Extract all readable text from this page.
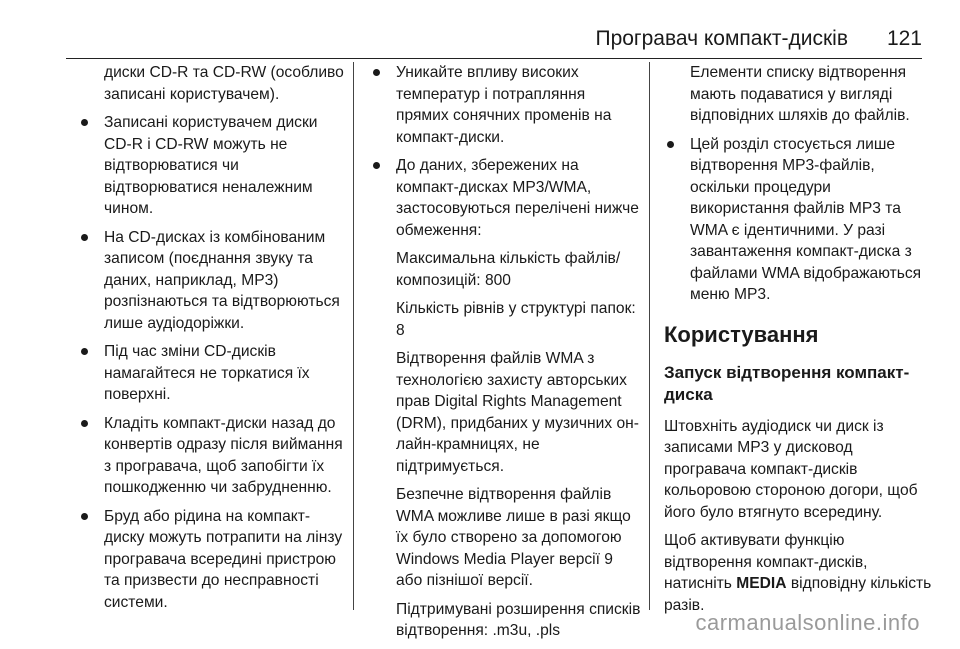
Програвач компакт-дисків 121

диски CD-R та CD-RW (особливо записані користувачем).

Записані користувачем диски CD-R і CD-RW можуть не відтворюватися чи відтворюватися неналежним чином.
На CD-дисках із комбінованим записом (поєднання звуку та даних, наприклад, MP3) розпізнаються та відтворюються лише аудіодоріжки.
Під час зміни CD-дисків намагайтеся не торкатися їх поверхні.
Кладіть компакт-диски назад до конвертів одразу після виймання з програвача, щоб запобігти їх пошкодженню чи забрудненню.
Бруд або рідина на компакт-диску можуть потрапити на лінзу програвача всередині пристрою та призвести до несправності системи.
Уникайте впливу високих температур і потрапляння прямих сонячних променів на компакт-диски.
До даних, збережених на компакт-дисках MP3/WMA, застосовуються перелічені нижче обмеження:

Максимальна кількість файлів/композицій: 800

Кількість рівнів у структурі папок: 8

Відтворення файлів WMA з технологією захисту авторських прав Digital Rights Management (DRM), придбаних у музичних он-лайн-крамницях, не підтримується.

Безпечне відтворення файлів WMA можливе лише в разі якщо їх було створено за допомогою Windows Media Player версії 9 або пізнішої версії.

Підтримувані розширення списків відтворення: .m3u, .pls

Елементи списку відтворення мають подаватися у вигляді відповідних шляхів до файлів.

Цей розділ стосується лише відтворення MP3-файлів, оскільки процедури використання файлів MP3 та WMA є ідентичними. У разі завантаження компакт-диска з файлами WMA відображаються меню MP3.
Користування
Запуск відтворення компакт-диска

Штовхніть аудіодиск чи диск із записами MP3 у дисковод програвача компакт-дисків кольоровою стороною догори, щоб його було втягнуто всередину.

Щоб активувати функцію відтворення компакт-дисків, натисніть MEDIA відповідну кількість разів.

carmanualsonline.info
